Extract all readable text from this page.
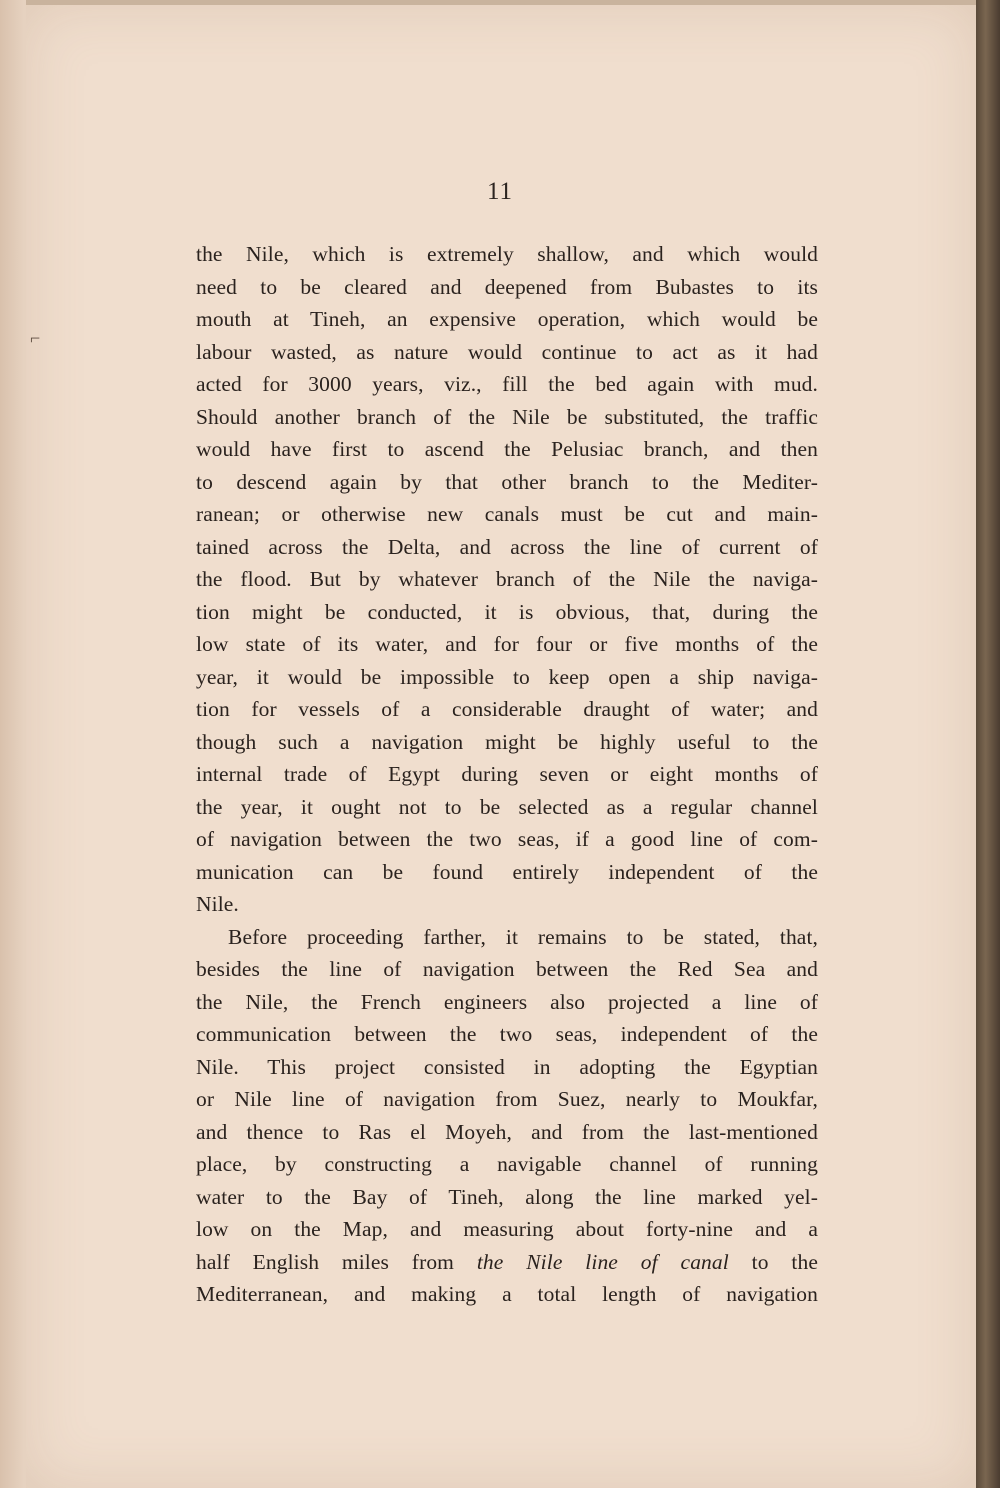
⌐
11
the Nile, which is extremely shallow, and which would
need to be cleared and deepened from Bubastes to its
mouth at Tineh, an expensive operation, which would be
labour wasted, as nature would continue to act as it had
acted for 3000 years, viz., fill the bed again with mud.
Should another branch of the Nile be substituted, the traffic
would have first to ascend the Pelusiac branch, and then
to descend again by that other branch to the Mediter-
ranean; or otherwise new canals must be cut and main-
tained across the Delta, and across the line of current of
the flood. But by whatever branch of the Nile the naviga-
tion might be conducted, it is obvious, that, during the
low state of its water, and for four or five months of the
year, it would be impossible to keep open a ship naviga-
tion for vessels of a considerable draught of water; and
though such a navigation might be highly useful to the
internal trade of Egypt during seven or eight months of
the year, it ought not to be selected as a regular channel
of navigation between the two seas, if a good line of com-
munication can be found entirely independent of the
Nile.
Before proceeding farther, it remains to be stated, that,
besides the line of navigation between the Red Sea and
the Nile, the French engineers also projected a line of
communication between the two seas, independent of the
Nile. This project consisted in adopting the Egyptian
or Nile line of navigation from Suez, nearly to Moukfar,
and thence to Ras el Moyeh, and from the last-mentioned
place, by constructing a navigable channel of running
water to the Bay of Tineh, along the line marked yel-
low on the Map, and measuring about forty-nine and a
half English miles from the Nile line of canal to the
Mediterranean, and making a total length of navigation
